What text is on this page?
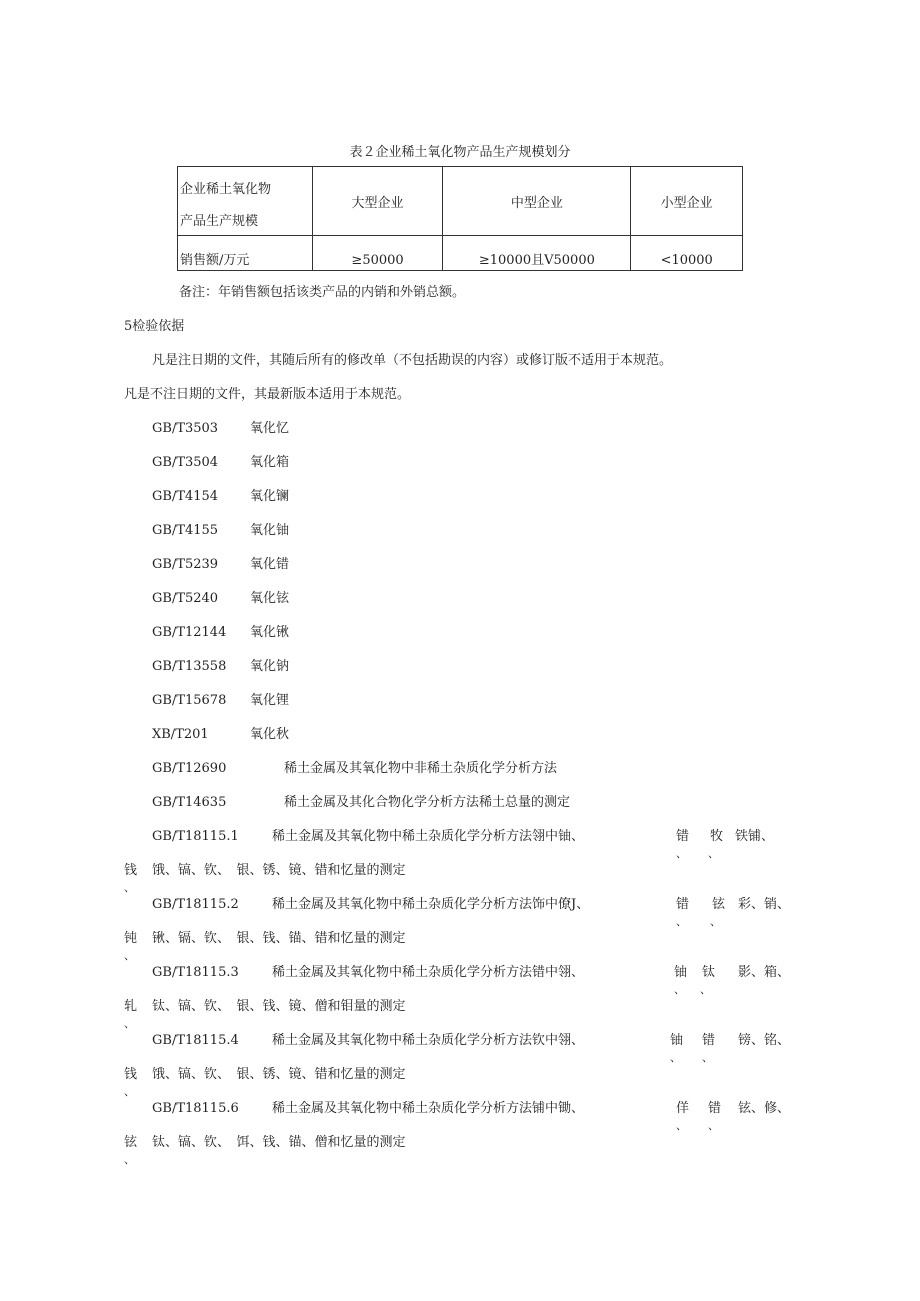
表２企业稀土氧化物产品生产规模划分
企业稀土氧化物
产品生产规模	大型企业	中型企业	小型企业

销售额/万元	≥50000	≥10000且V50000	<10000
备注：年销售额包括该类产品的内销和外销总额。
5检验依据
凡是注日期的文件，其随后所有的修改单（不包括勘误的内容）或修订版不适用于本规范。
凡是不注日期的文件，其最新版本适用于本规范。
GB/T3503 氧化忆
GB/T3504 氧化箱
GB/T4154 氧化镧
GB/T4155 氧化铀
GB/T5239 氧化错
GB/T5240 氧化铉
GB/T12144 氧化锹
GB/T13558 氧化钠
GB/T15678 氧化锂
XB/T201	氧化秋
GB/T12690	稀土金属及其氧化物中非稀土杂质化学分析方法
GB/T14635	稀土金属及其化合物化学分析方法稀土总量的测定
GB/T18115.1	稀土金属及其氧化物中稀土杂质化学分析方法翎中铀、	错 牧 铁铺、
、 、
钱 饿、镐、钦、　银、锈、镜、错和忆量的测定
、
GB/T18115.2	稀土金属及其氧化物中稀土杂质化学分析方法饰中僚J、	错 铉 彩、销、
、 、
钝 锹、镉、钦、　银、钱、锚、错和忆量的测定
、
GB/T18115.3	稀土金属及其氧化物中稀土杂质化学分析方法错中翎、	铀 钛 影、箱、
、 、
轧 钛、镐、钦、　银、钱、镜、僧和钼量的测定
、
GB/T18115.4	稀土金属及其氧化物中稀土杂质化学分析方法钦中翎、	铀 错 镑、铭、
、 、
钱 饿、镐、钦、　银、锈、镜、错和忆量的测定
、
GB/T18115.6	稀土金属及其氧化物中稀土杂质化学分析方法铺中锄、	佯 错 铉、修、
、 、
铉 钛、镐、钦、　饵、钱、锚、僧和忆量的测定
、
